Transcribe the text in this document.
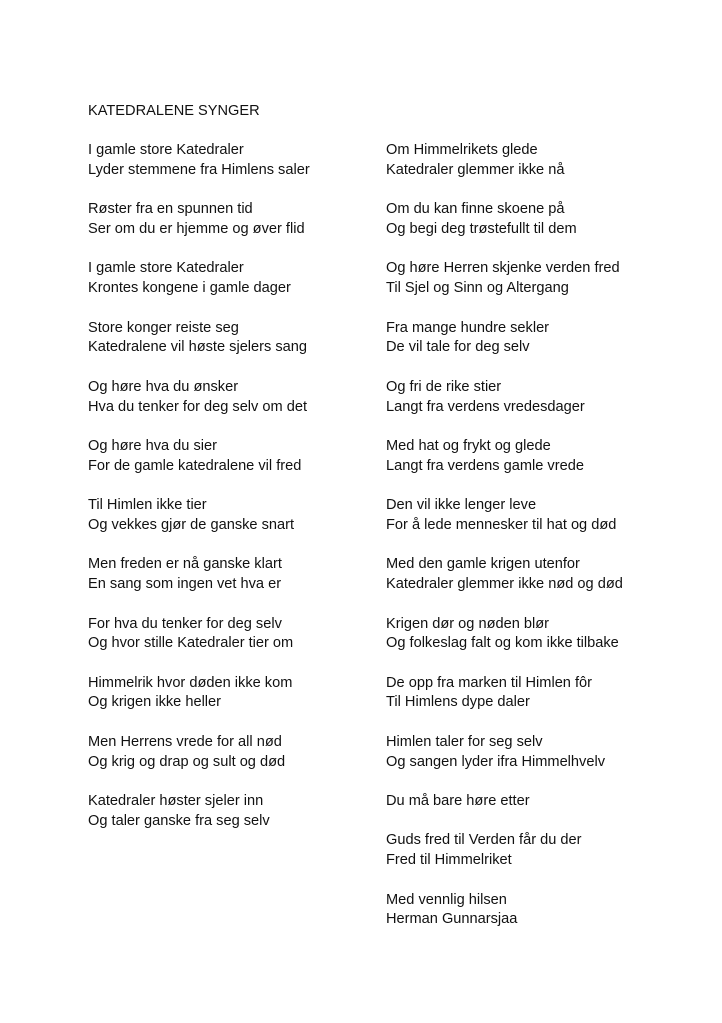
KATEDRALENE SYNGER
I gamle store Katedraler
Lyder stemmene fra Himlens saler
Røster fra en spunnen tid
Ser om du er hjemme og øver flid
I gamle store Katedraler
Krontes kongene i gamle dager
Store konger reiste seg
Katedralene vil høste sjelers sang
Og høre hva du ønsker
Hva du tenker for deg selv om det
Og høre hva du sier
For de gamle katedralene vil fred
Til Himlen ikke tier
Og vekkes gjør de ganske snart
Men freden er nå ganske klart
En sang som ingen vet hva er
For hva du tenker for deg selv
Og hvor stille Katedraler tier om
Himmelrik hvor døden ikke kom
Og krigen ikke heller
Men Herrens vrede for all nød
Og krig og drap og sult og død
Katedraler høster sjeler inn
Og taler ganske fra seg selv
Om Himmelrikets glede
Katedraler glemmer ikke nå
Om du kan finne skoene på
Og begi deg trøstefullt til dem
Og høre Herren skjenke verden fred
Til Sjel og Sinn og Altergang
Fra mange hundre sekler
De vil tale for deg selv
Og fri de rike stier
Langt fra verdens vredesdager
Med hat og frykt og glede
Langt fra verdens gamle vrede
Den vil ikke lenger leve
For å lede mennesker til hat og død
Med den gamle krigen utenfor
Katedraler glemmer ikke nød og død
Krigen dør og nøden blør
Og folkeslag falt og kom ikke tilbake
De opp fra marken til Himlen fôr
Til Himlens dype daler
Himlen taler for seg selv
Og sangen lyder ifra Himmelhvelv
Du må bare høre etter
Guds fred til Verden får du der
Fred til Himmelriket
Med vennlig hilsen
Herman Gunnarsjaa
